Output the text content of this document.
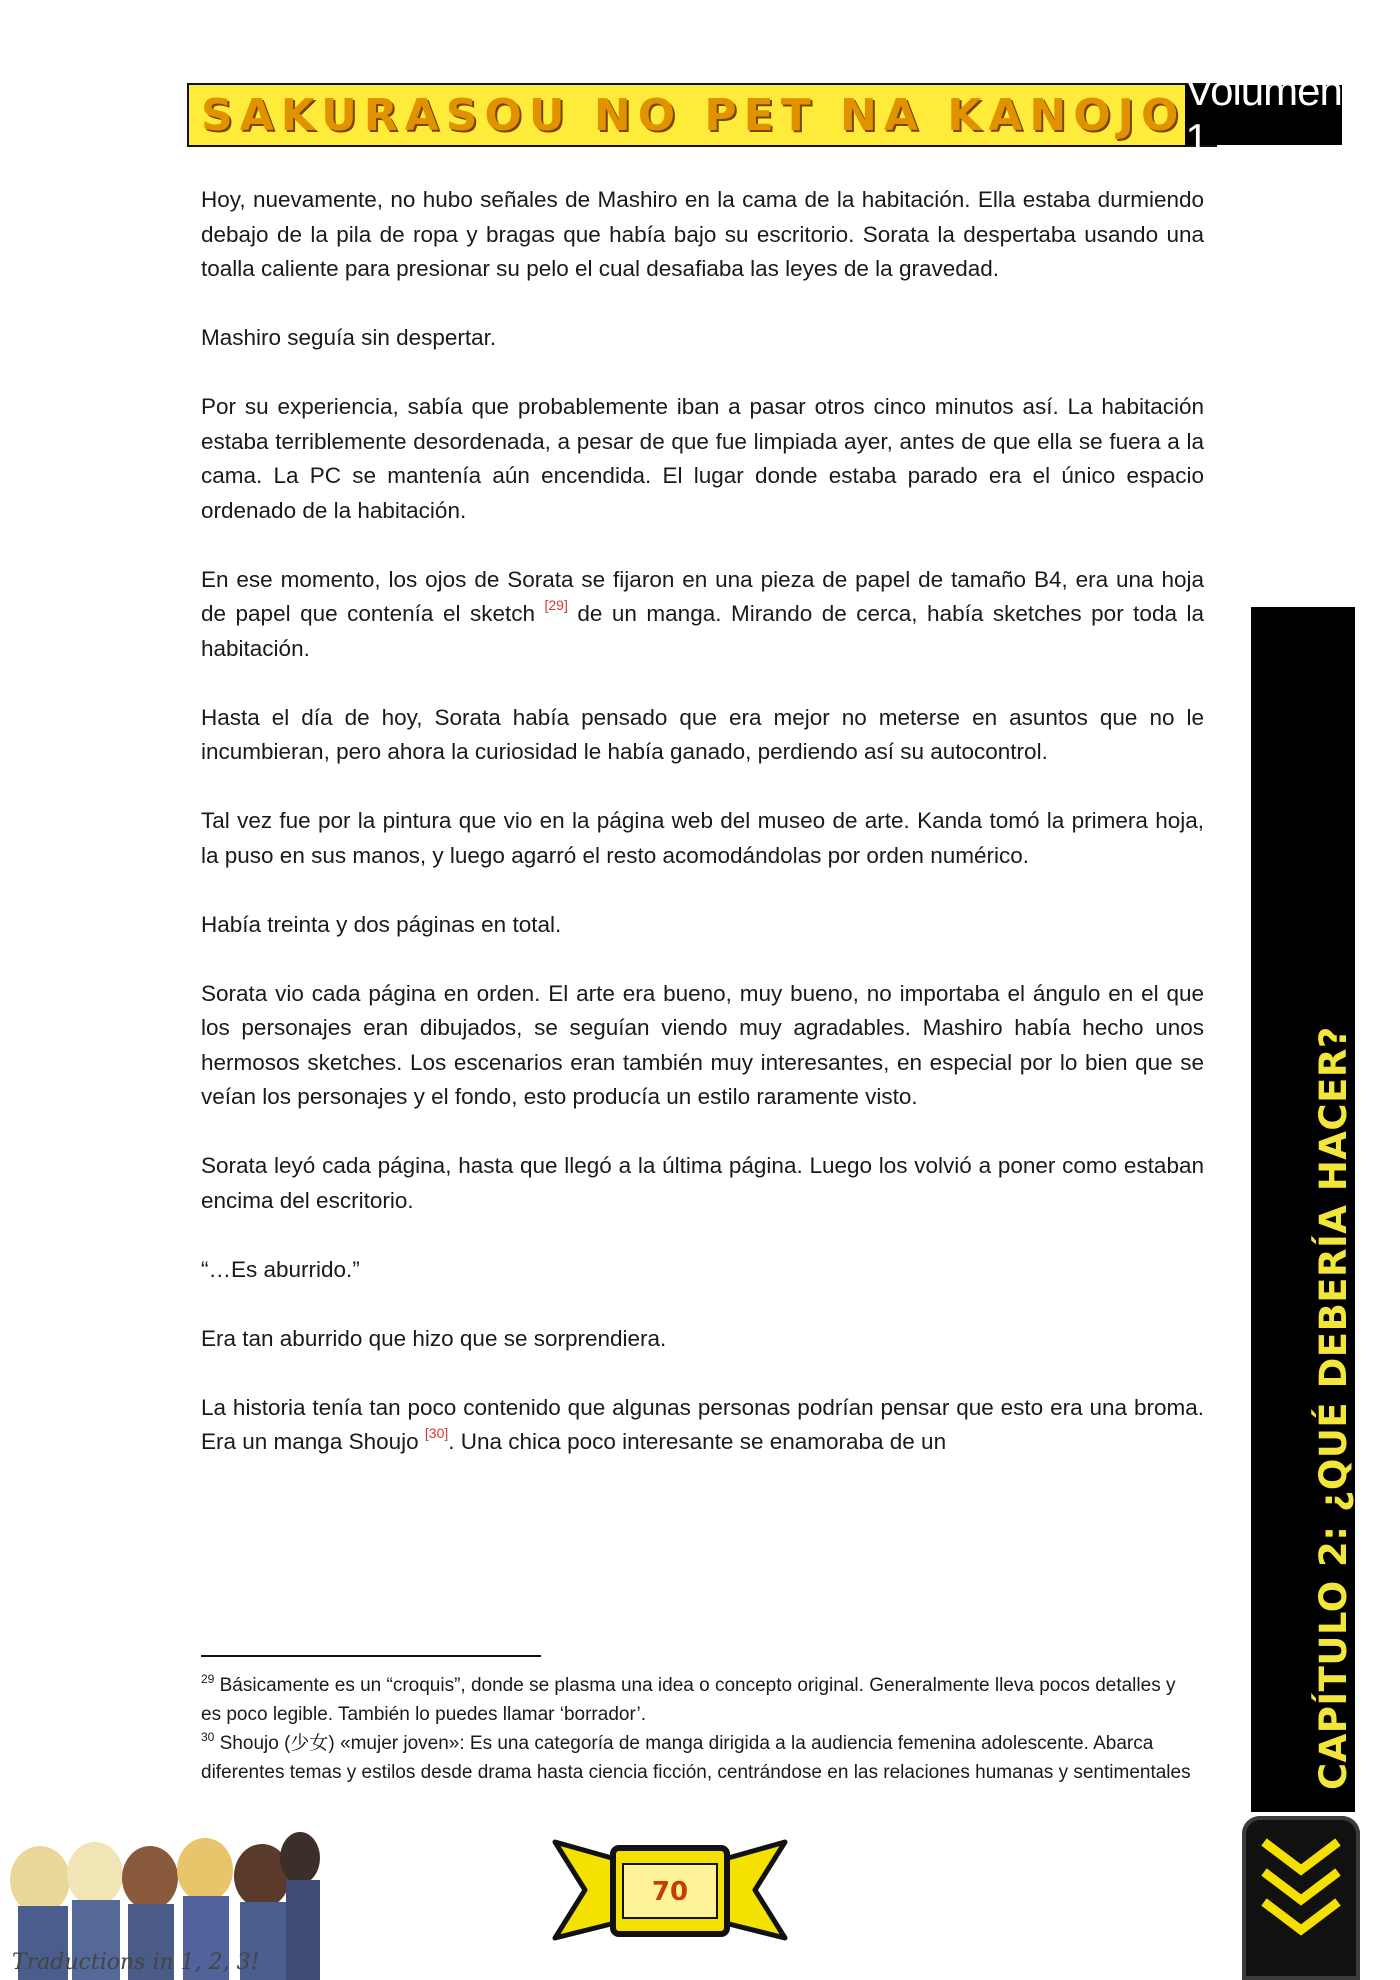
SAKURASOU NO PET NA KANOJO Volumen 1

Hoy, nuevamente, no hubo señales de Mashiro en la cama de la habitación. Ella estaba durmiendo debajo de la pila de ropa y bragas que había bajo su escritorio. Sorata la despertaba usando una toalla caliente para presionar su pelo el cual desafiaba las leyes de la gravedad.

Mashiro seguía sin despertar.

Por su experiencia, sabía que probablemente iban a pasar otros cinco minutos así. La habitación estaba terriblemente desordenada, a pesar de que fue limpiada ayer, antes de que ella se fuera a la cama. La PC se mantenía aún encendida. El lugar donde estaba parado era el único espacio ordenado de la habitación.

En ese momento, los ojos de Sorata se fijaron en una pieza de papel de tamaño B4, era una hoja de papel que contenía el sketch [29] de un manga. Mirando de cerca, había sketches por toda la habitación.

Hasta el día de hoy, Sorata había pensado que era mejor no meterse en asuntos que no le incumbieran, pero ahora la curiosidad le había ganado, perdiendo así su autocontrol.

Tal vez fue por la pintura que vio en la página web del museo de arte. Kanda tomó la primera hoja, la puso en sus manos, y luego agarró el resto acomodándolas por orden numérico.

Había treinta y dos páginas en total.

Sorata vio cada página en orden. El arte era bueno, muy bueno, no importaba el ángulo en el que los personajes eran dibujados, se seguían viendo muy agradables. Mashiro había hecho unos hermosos sketches. Los escenarios eran también muy interesantes, en especial por lo bien que se veían los personajes y el fondo, esto producía un estilo raramente visto.

Sorata leyó cada página, hasta que llegó a la última página. Luego los volvió a poner como estaban encima del escritorio.

“…Es aburrido.”

Era tan aburrido que hizo que se sorprendiera.

La historia tenía tan poco contenido que algunas personas podrían pensar que esto era una broma. Era un manga Shoujo [30]. Una chica poco interesante se enamoraba de un

$^{29}$ Básicamente es un “croquis”, donde se plasma una idea o concepto original. Generalmente lleva pocos detalles y es poco legible. También lo puedes llamar ‘borrador’.

$^{30}$ Shoujo (少女) «mujer joven»: Es una categoría de manga dirigida a la audiencia femenina adolescente. Abarca diferentes temas y estilos desde drama hasta ciencia ficción, centrándose en las relaciones humanas y sentimentales	CAPÍTULO 2: ¿QUÉ DEBERÍA HACER?
70
Traductions in 1, 2, 3!
